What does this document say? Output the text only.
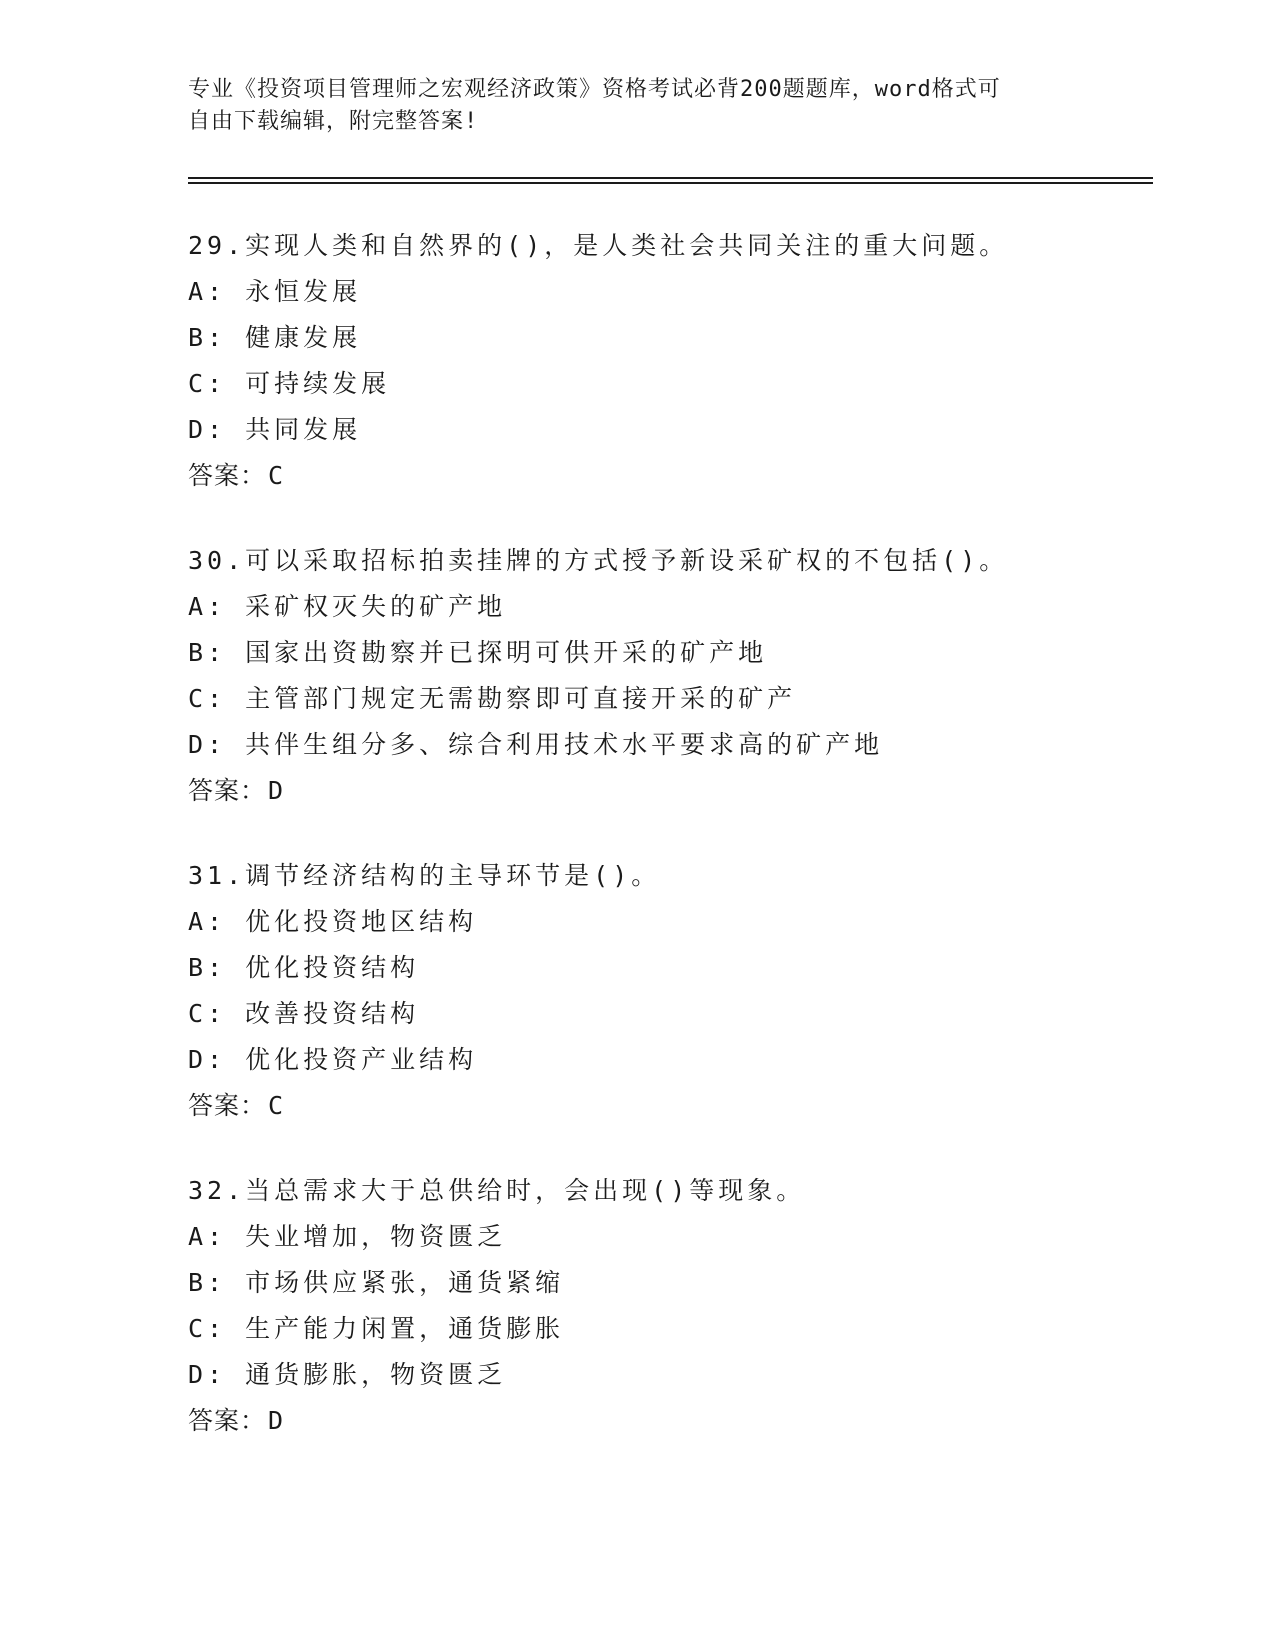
专业《投资项目管理师之宏观经济政策》资格考试必背200题题库，word格式可
自由下载编辑，附完整答案!
29.实现人类和自然界的()，是人类社会共同关注的重大问题。
A: 永恒发展
B: 健康发展
C: 可持续发展
D: 共同发展
答案：C
30.可以采取招标拍卖挂牌的方式授予新设采矿权的不包括()。
A: 采矿权灭失的矿产地
B: 国家出资勘察并已探明可供开采的矿产地
C: 主管部门规定无需勘察即可直接开采的矿产
D: 共伴生组分多、综合利用技术水平要求高的矿产地
答案：D
31.调节经济结构的主导环节是()。
A: 优化投资地区结构
B: 优化投资结构
C: 改善投资结构
D: 优化投资产业结构
答案：C
32.当总需求大于总供给时，会出现()等现象。
A: 失业增加，物资匮乏
B: 市场供应紧张，通货紧缩
C: 生产能力闲置，通货膨胀
D: 通货膨胀，物资匮乏
答案：D
